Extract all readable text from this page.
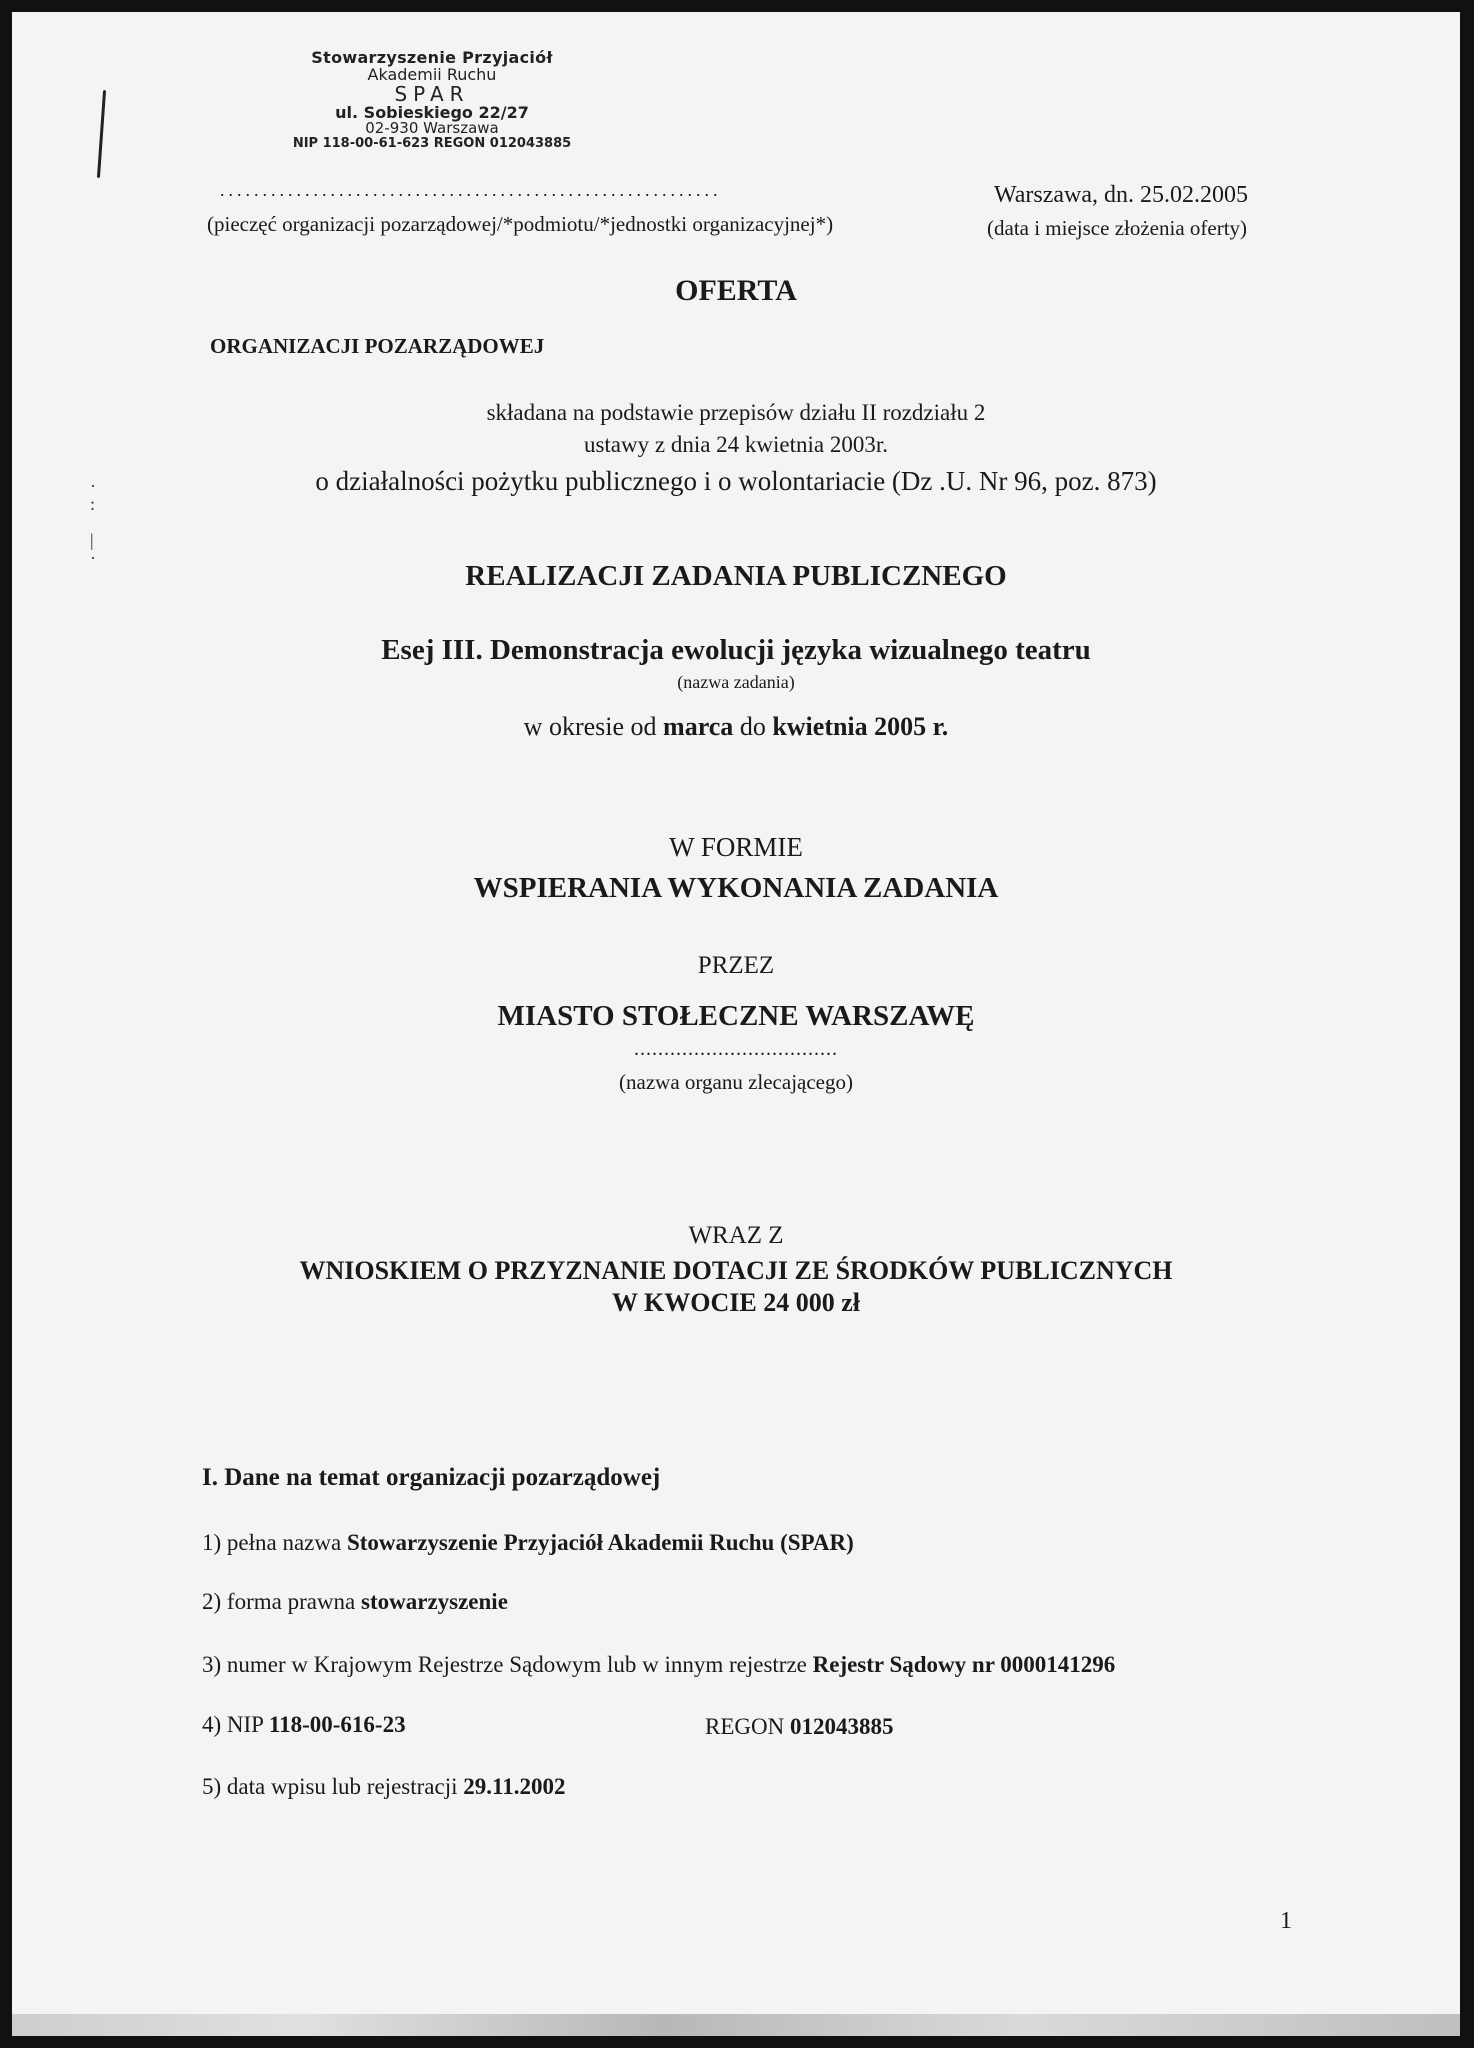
·
:

|
·
Stowarzyszenie Przyjaciół
Akademii Ruchu
SPAR
ul. Sobieskiego 22/27
02-930 Warszawa
NIP 118-00-61-623 REGON 012043885
...........................................................
(pieczęć organizacji pozarządowej/*podmiotu/*jednostki organizacyjnej*)
Warszawa, dn. 25.02.2005
(data i miejsce złożenia oferty)
OFERTA
ORGANIZACJI POZARZĄDOWEJ
składana na podstawie przepisów działu II rozdziału 2
ustawy z dnia 24 kwietnia 2003r.
o działalności pożytku publicznego i o wolontariacie (Dz .U. Nr 96, poz. 873)
REALIZACJI ZADANIA PUBLICZNEGO
Esej III. Demonstracja ewolucji języka wizualnego teatru
(nazwa zadania)
w okresie od marca do kwietnia 2005 r.
W FORMIE
WSPIERANIA WYKONANIA ZADANIA
PRZEZ
MIASTO STOŁECZNE WARSZAWĘ
..................................
(nazwa organu zlecającego)
WRAZ Z
WNIOSKIEM O PRZYZNANIE DOTACJI ZE ŚRODKÓW PUBLICZNYCH
W KWOCIE 24 000 zł
I. Dane na temat organizacji pozarządowej
1) pełna nazwa Stowarzyszenie Przyjaciół Akademii Ruchu (SPAR)
2) forma prawna stowarzyszenie
3) numer w Krajowym Rejestrze Sądowym lub w innym rejestrze Rejestr Sądowy nr 0000141296
4) NIP 118-00-616-23	REGON 012043885
5) data wpisu lub rejestracji 29.11.2002
1
